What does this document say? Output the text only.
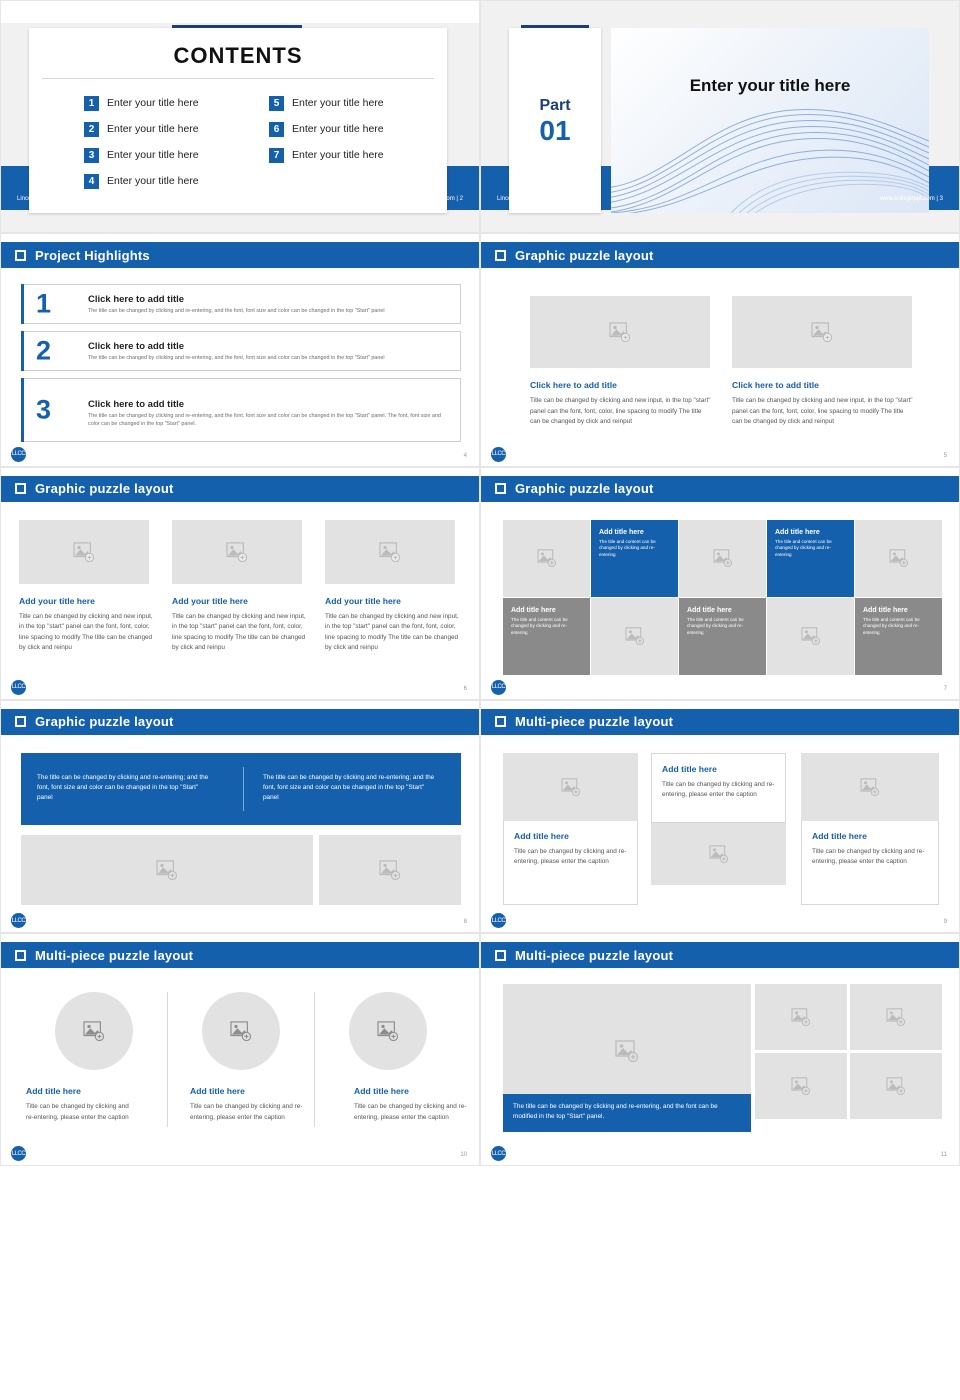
CONTENTS
1	Enter your title here	5	Enter your title here
2	Enter your title here	6	Enter your title here
3	Enter your title here	7	Enter your title here
4	Enter your title here
Lincoln Land Community College	www.collegeppt.com | 2
Part
01
Enter your title here
Lincoln Land Community College	www.collegeppt.com | 3
Project Highlights
1	Click here to add title
The title can be changed by clicking and re-entering, and the font, font size and color can be changed in the top "Start" panel
2	Click here to add title
The title can be changed by clicking and re-entering, and the font, font size and color can be changed in the top "Start" panel
3	Click here to add title
The title can be changed by clicking and re-entering, and the font, font size and color can be changed in the top "Start" panel. The font, font size and color can be changed in the top "Start" panel.
LLCC	4
Graphic puzzle layout
Click here to add title
Title can be changed by clicking and new input, in the top "start" panel can the font, font, color, line spacing to modify The title can be changed by click and reinput
Click here to add title
Title can be changed by clicking and new input, in the top "start" panel can the font, font, color, line spacing to modify The title can be changed by click and reinput
LLCC	5
Graphic puzzle layout
Add your title here
Title can be changed by clicking and new input, in the top "start" panel can the font, font, color, line spacing to modify The title can be changed by click and reinpu
Add your title here
Title can be changed by clicking and new input, in the top "start" panel can the font, font, color, line spacing to modify The title can be changed by click and reinpu
Add your title here
Title can be changed by clicking and new input, in the top "start" panel can the font, font, color, line spacing to modify The title can be changed by click and reinpu
LLCC	6
Graphic puzzle layout
Add title here
The title and content can be changed by clicking and re-entering
Add title here
The title and content can be changed by clicking and re-entering
Add title here
The title and content can be changed by clicking and re-entering
Add title here
The title and content can be changed by clicking and re-entering
Add title here
The title and content can be changed by clicking and re-entering
LLCC	7
Graphic puzzle layout
The title can be changed by clicking and re-entering; and the font, font size and color can be changed in the top "Start" panel
The title can be changed by clicking and re-entering; and the font, font size and color can be changed in the top "Start" panel
LLCC	8
Multi-piece puzzle layout
Add title here
Title can be changed by clicking and re-entering, please enter the caption
Add title here
Title can be changed by clicking and re-entering, please enter the caption
Add title here
Title can be changed by clicking and re-entering, please enter the caption
LLCC	9
Multi-piece puzzle layout
Add title here
Title can be changed by clicking and re-entering, please enter the caption
Add title here
Title can be changed by clicking and re-entering, please enter the caption
Add title here
Title can be changed by clicking and re-entering, please enter the caption
LLCC	10
Multi-piece puzzle layout
The title can be changed by clicking and re-entering, and the font can be modified in the top "Start" panel.
LLCC	11
